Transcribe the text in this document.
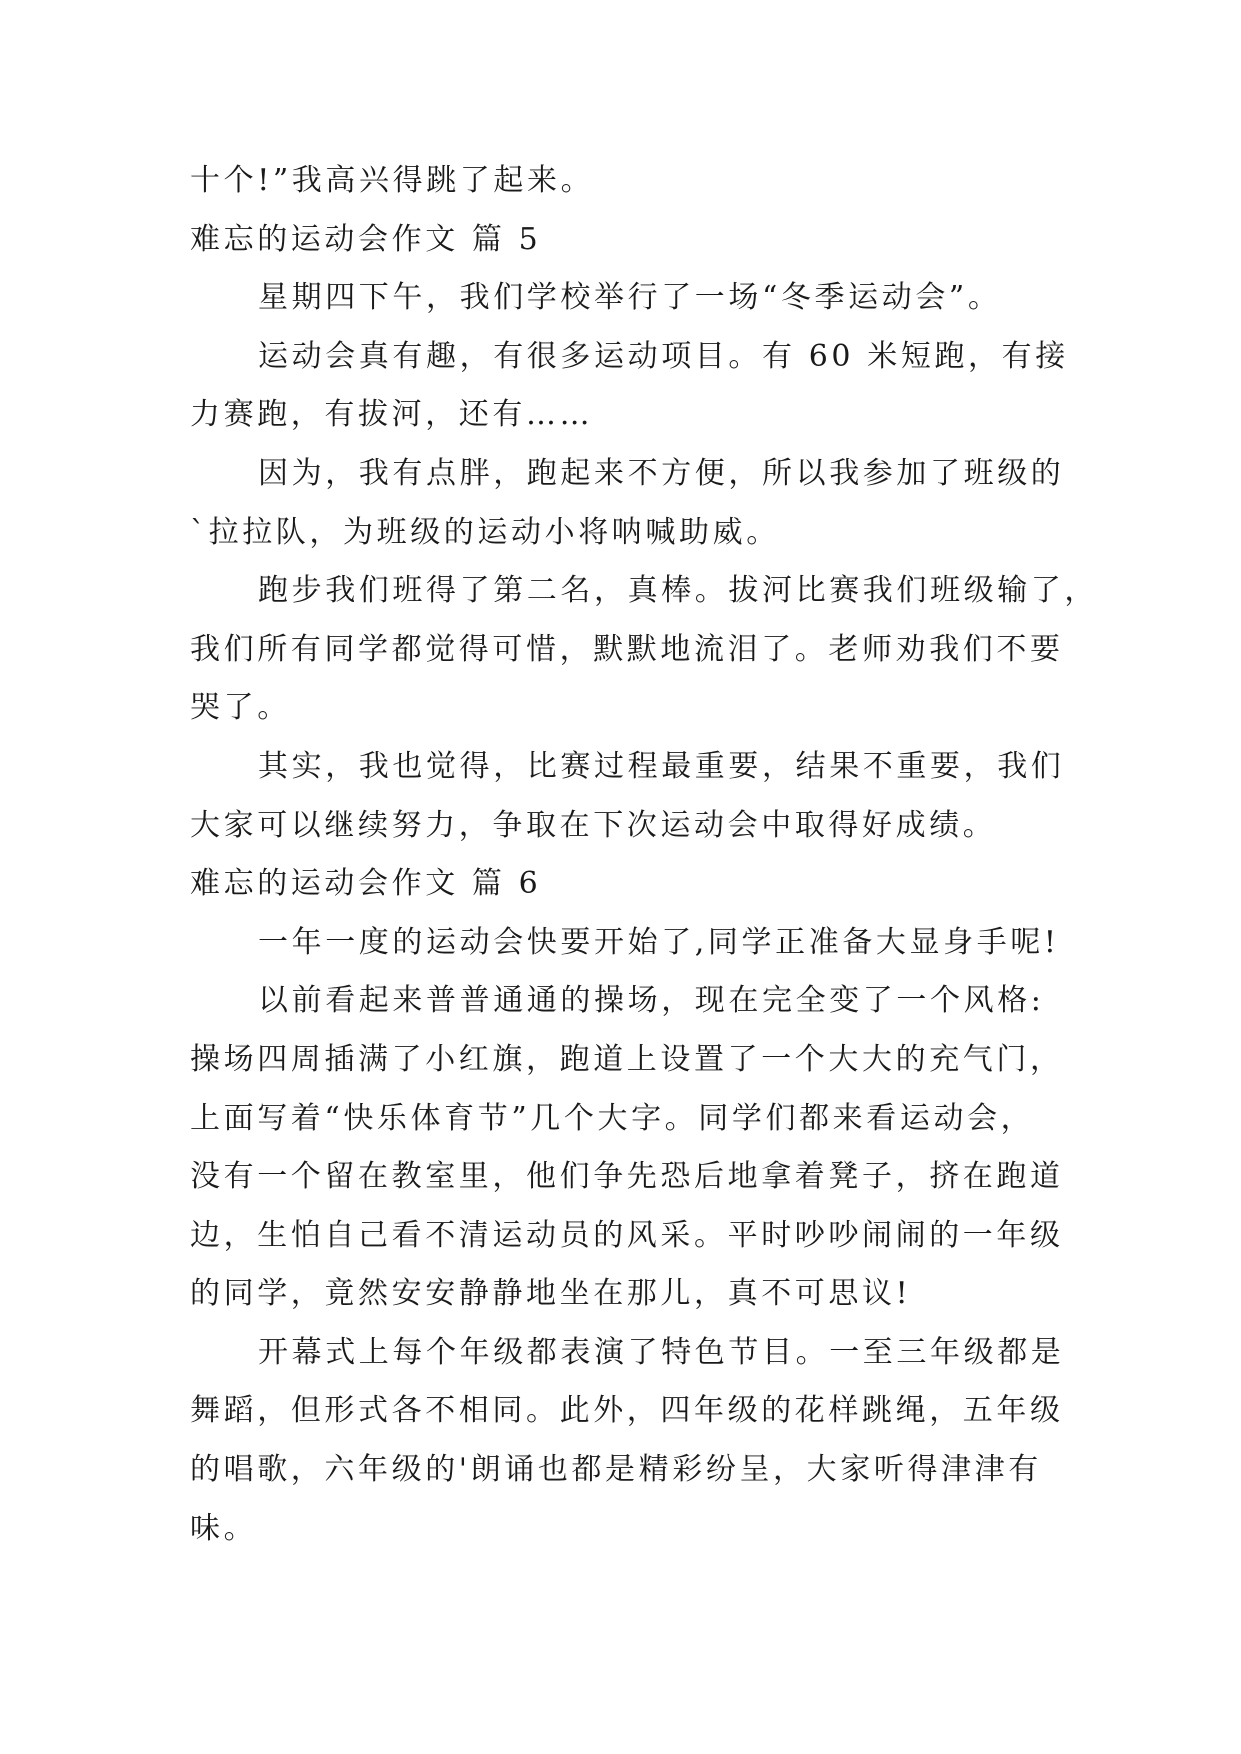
十个!”我高兴得跳了起来。
难忘的运动会作文 篇 5
星期四下午，我们学校举行了一场“冬季运动会”。
运动会真有趣，有很多运动项目。有 60 米短跑，有接
力赛跑，有拔河，还有……
因为，我有点胖，跑起来不方便，所以我参加了班级的
`拉拉队，为班级的运动小将呐喊助威。
跑步我们班得了第二名，真棒。拔河比赛我们班级输了，
我们所有同学都觉得可惜，默默地流泪了。老师劝我们不要
哭了。
其实，我也觉得，比赛过程最重要，结果不重要，我们
大家可以继续努力，争取在下次运动会中取得好成绩。
难忘的运动会作文 篇 6
一年一度的运动会快要开始了,同学正准备大显身手呢!
以前看起来普普通通的操场，现在完全变了一个风格:
操场四周插满了小红旗，跑道上设置了一个大大的充气门，
上面写着“快乐体育节”几个大字。同学们都来看运动会，
没有一个留在教室里，他们争先恐后地拿着凳子，挤在跑道
边，生怕自己看不清运动员的风采。平时吵吵闹闹的一年级
的同学，竟然安安静静地坐在那儿，真不可思议!
开幕式上每个年级都表演了特色节目。一至三年级都是
舞蹈，但形式各不相同。此外，四年级的花样跳绳，五年级
的唱歌，六年级的'朗诵也都是精彩纷呈，大家听得津津有
味。
